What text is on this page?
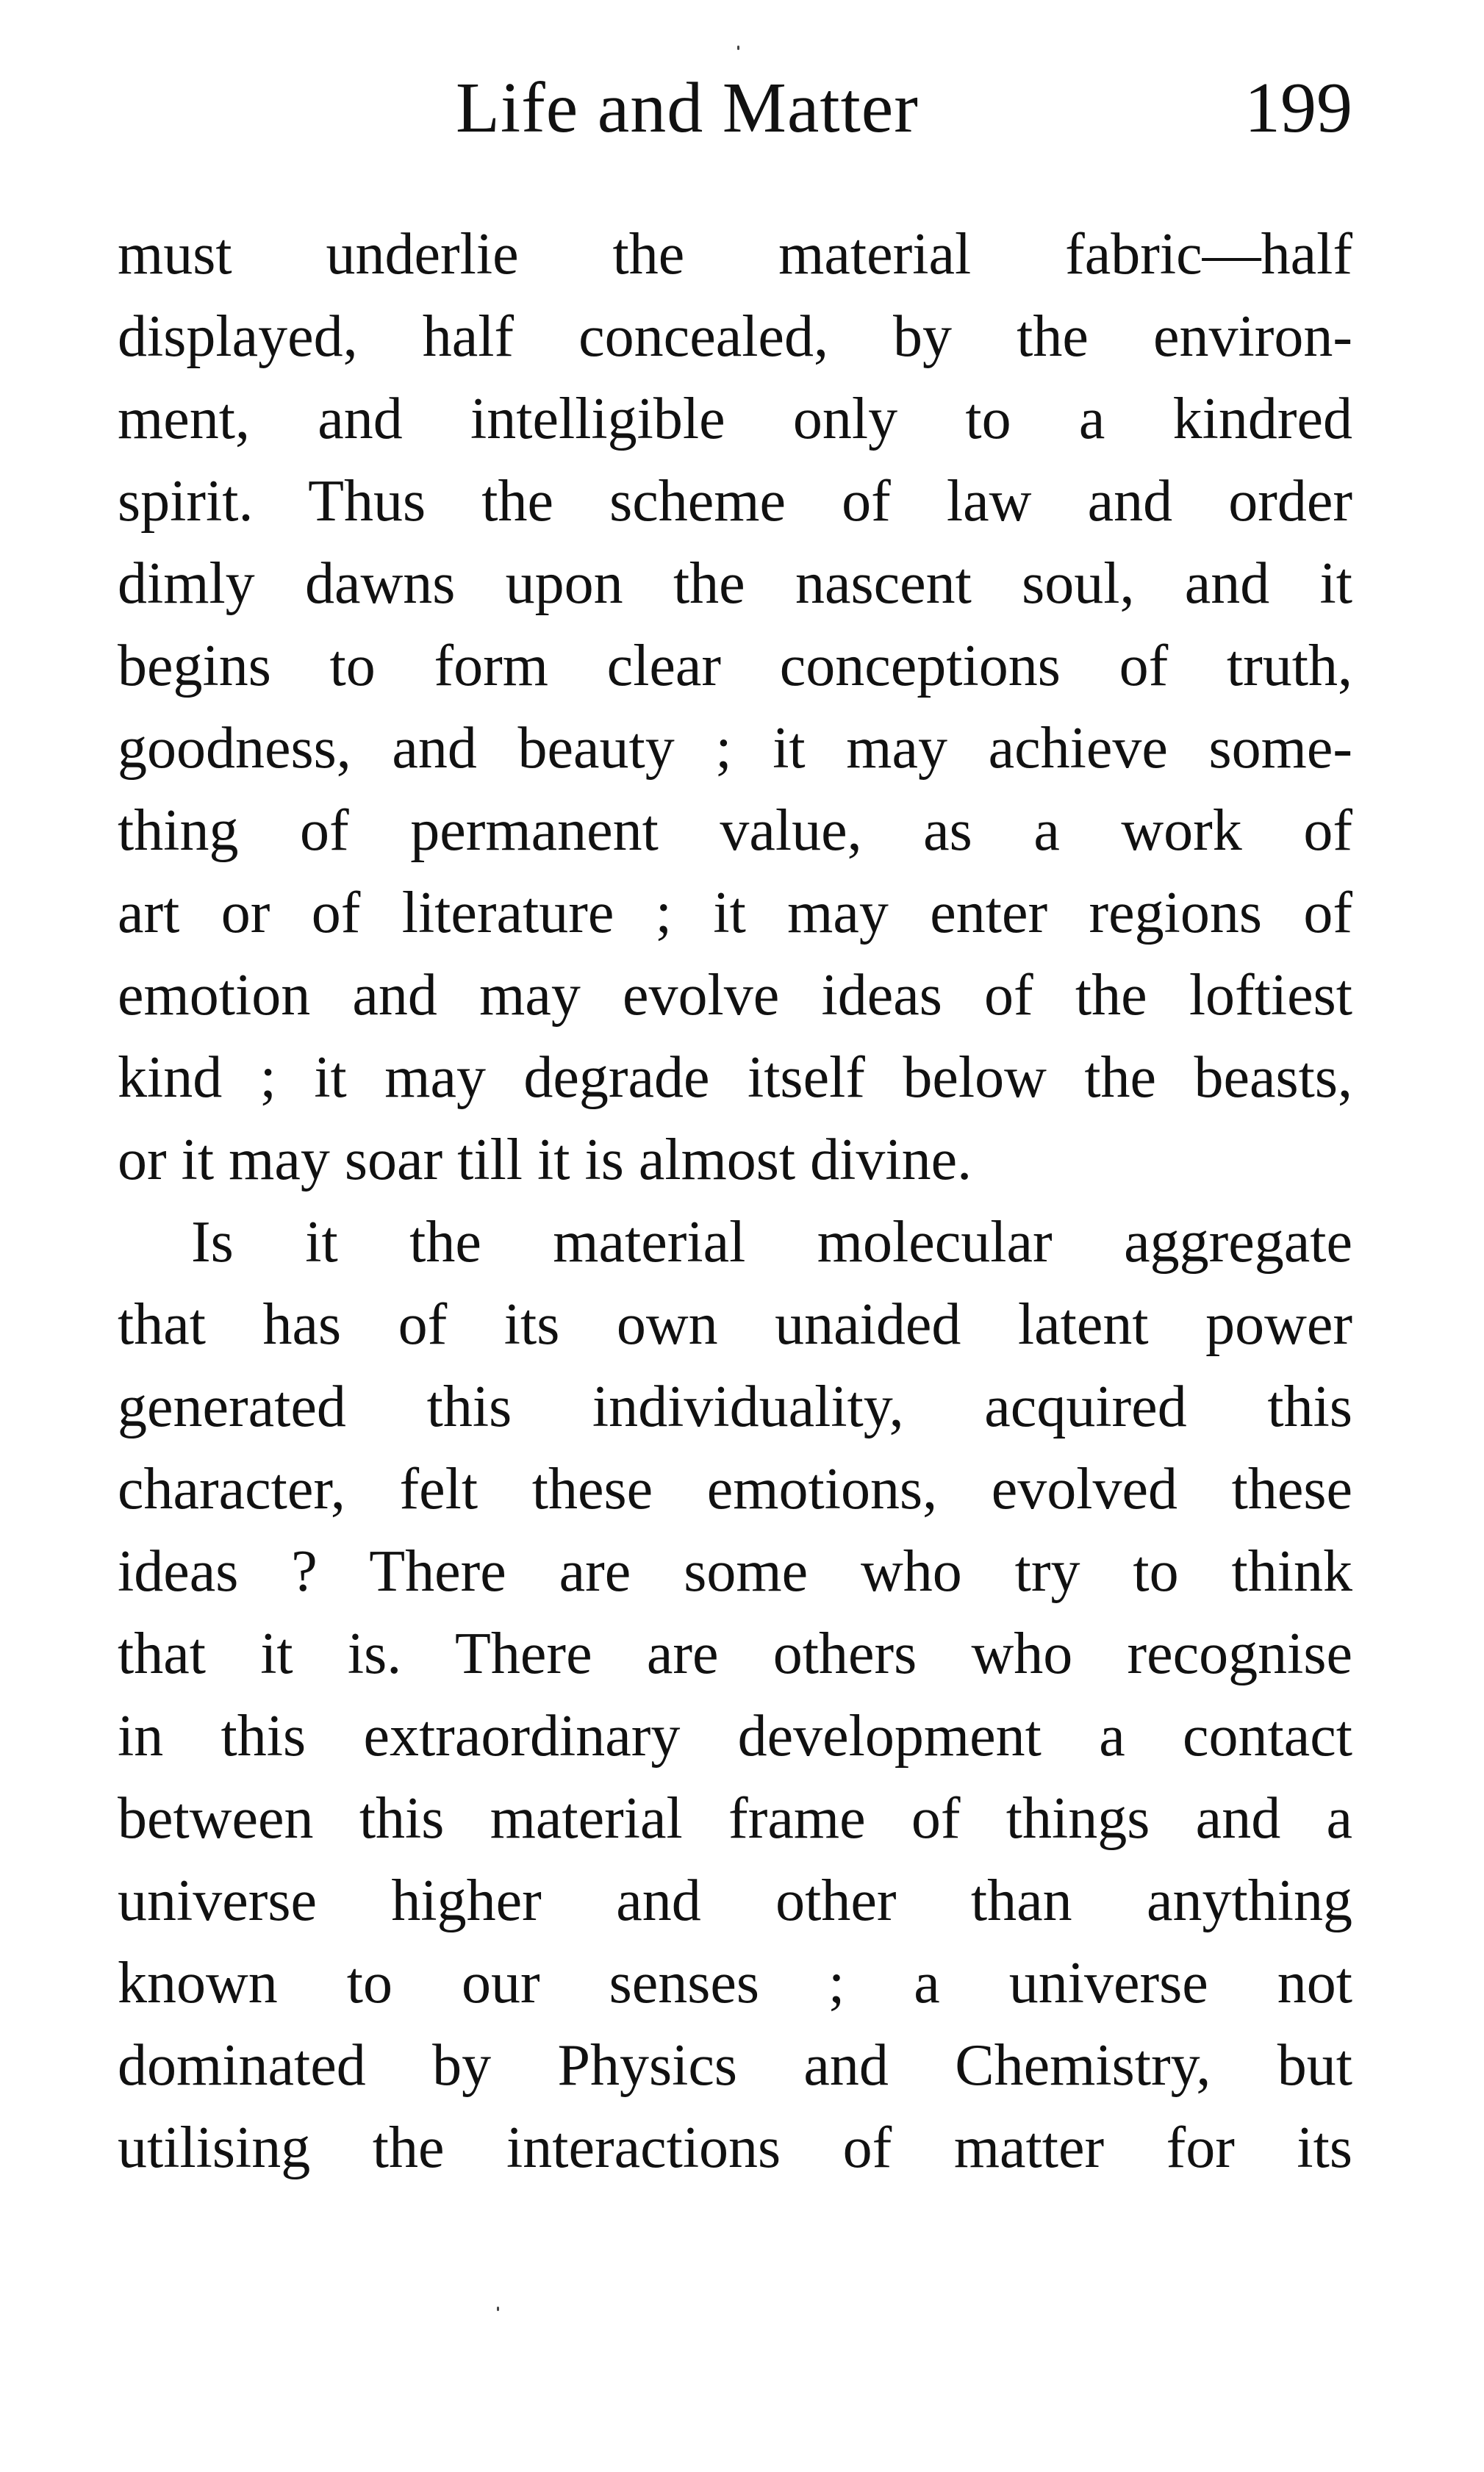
Life and Matter	199
must underlie the material fabric—half
displayed, half concealed, by the environ-
ment, and intelligible only to a kindred
spirit. Thus the scheme of law and order
dimly dawns upon the nascent soul, and it
begins to form clear conceptions of truth,
goodness, and beauty ; it may achieve some-
thing of permanent value, as a work of
art or of literature ; it may enter regions of
emotion and may evolve ideas of the loftiest
kind ; it may degrade itself below the beasts,
or it may soar till it is almost divine.
Is it the material molecular aggregate
that has of its own unaided latent power
generated this individuality, acquired this
character, felt these emotions, evolved these
ideas ? There are some who try to think
that it is. There are others who recognise
in this extraordinary development a contact
between this material frame of things and a
universe higher and other than anything
known to our senses ; a universe not
dominated by Physics and Chemistry, but
utilising the interactions of matter for its
